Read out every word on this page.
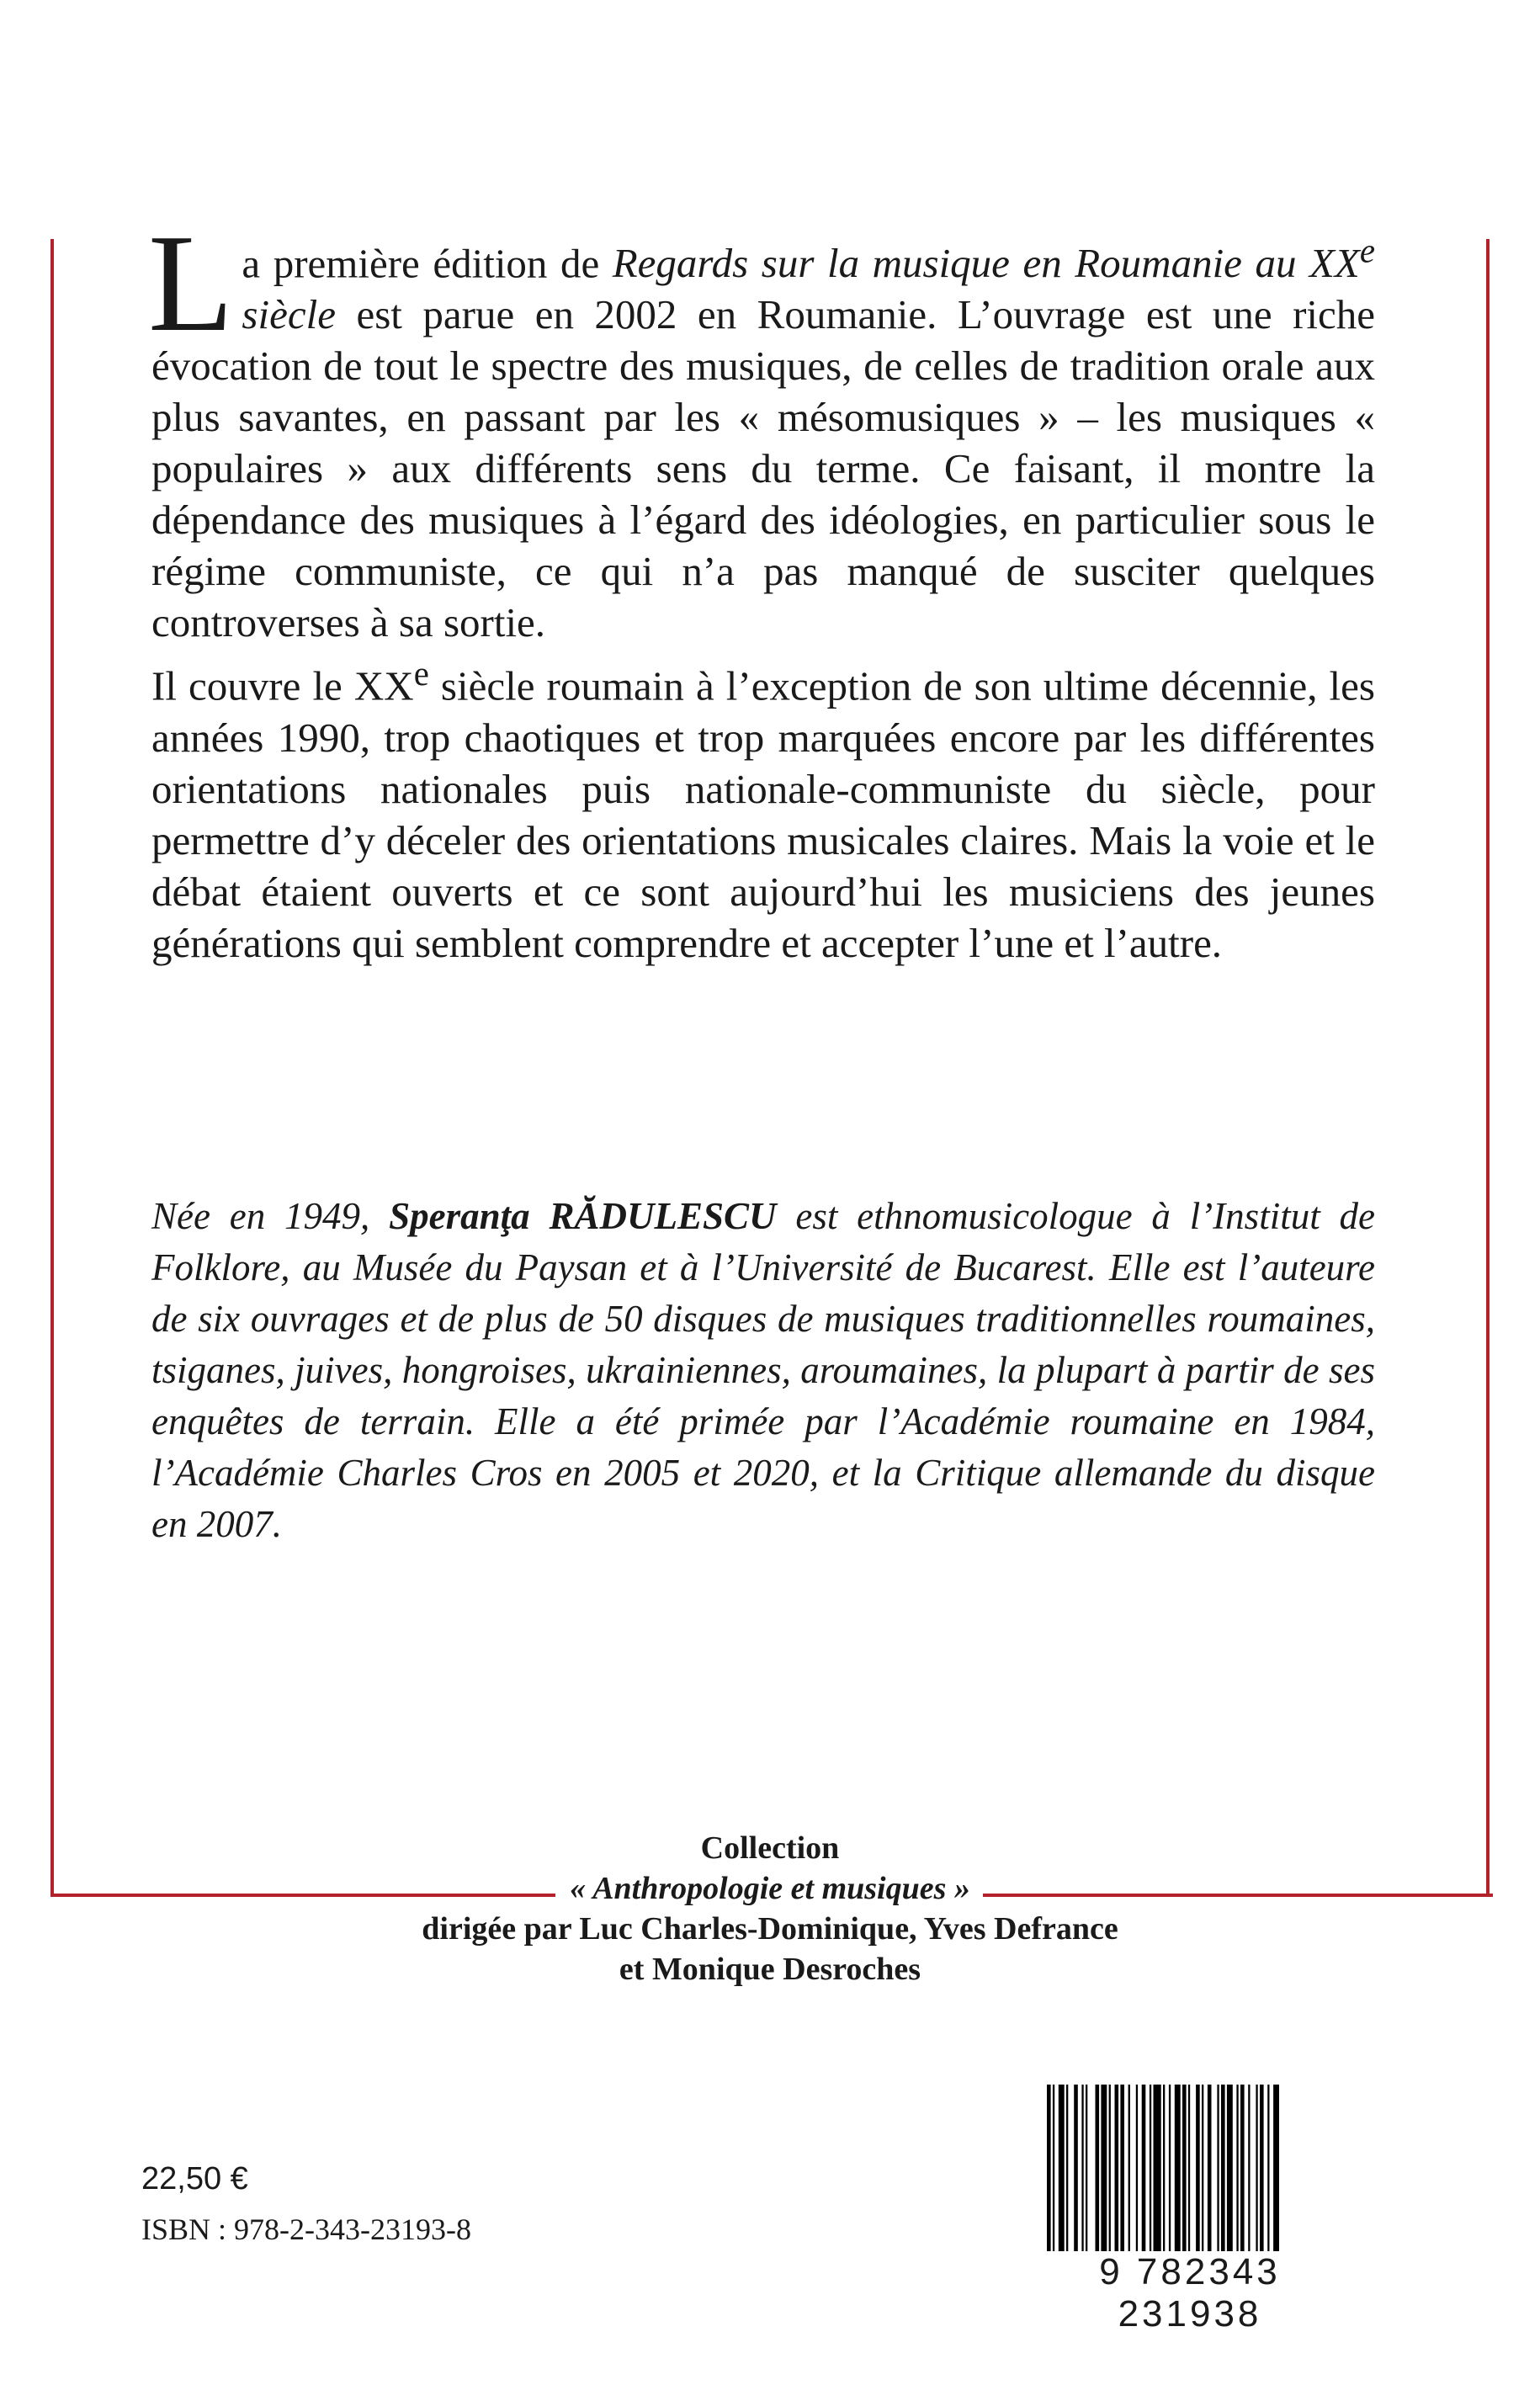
La première édition de Regards sur la musique en Roumanie au XXe siècle est parue en 2002 en Roumanie. L’ouvrage est une riche évocation de tout le spectre des musiques, de celles de tradition orale aux plus savantes, en passant par les « mésomusiques » – les musiques « populaires » aux différents sens du terme. Ce faisant, il montre la dépendance des musiques à l’égard des idéologies, en particulier sous le régime communiste, ce qui n’a pas manqué de susciter quelques controverses à sa sortie.

Il couvre le XXe siècle roumain à l’exception de son ultime décennie, les années 1990, trop chaotiques et trop marquées encore par les différentes orientations nationales puis nationale-communiste du siècle, pour permettre d’y déceler des orientations musicales claires. Mais la voie et le débat étaient ouverts et ce sont aujourd’hui les musiciens des jeunes générations qui semblent comprendre et accepter l’une et l’autre.

Née en 1949, Speranţa RĂDULESCU est ethnomusicologue à l’Institut de Folklore, au Musée du Paysan et à l’Université de Bucarest. Elle est l’auteure de six ouvrages et de plus de 50 disques de musiques traditionnelles roumaines, tsiganes, juives, hongroises, ukrainiennes, aroumaines, la plupart à partir de ses enquêtes de terrain. Elle a été primée par l’Académie roumaine en 1984, l’Académie Charles Cros en 2005 et 2020, et la Critique allemande du disque en 2007.
Collection
« Anthropologie et musiques »
dirigée par Luc Charles-Dominique, Yves Defrance
et Monique Desroches
22,50 €
ISBN : 978-2-343-23193-8
9 782343 231938
